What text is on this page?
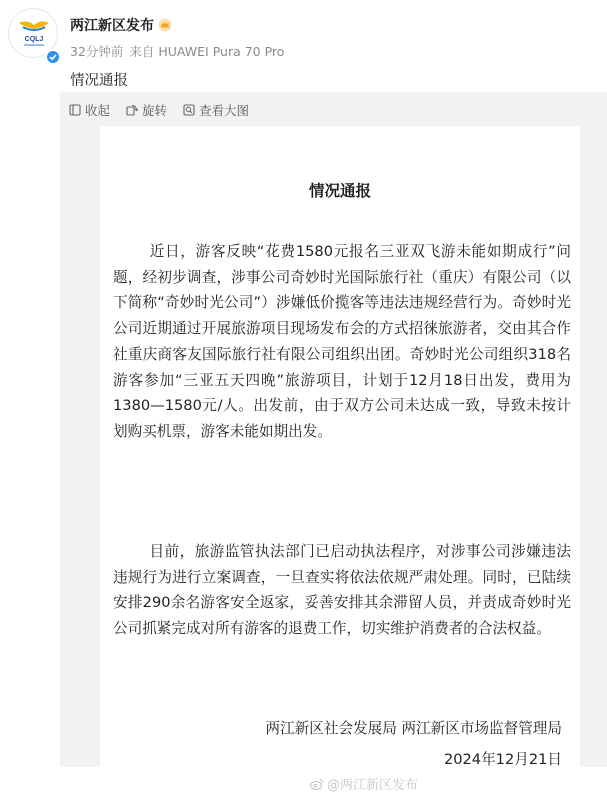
CQLJ
两江新区发布
32分钟前 来自 HUAWEI Pura 70 Pro
情况通报
收起	旋转	查看大图
情况通报
近日，游客反映“花费1580元报名三亚双飞游未能如期成行”问题，经初步调查，涉事公司奇妙时光国际旅行社（重庆）有限公司（以下简称“奇妙时光公司”）涉嫌低价揽客等违法违规经营行为。奇妙时光公司近期通过开展旅游项目现场发布会的方式招徕旅游者，交由其合作社重庆商客友国际旅行社有限公司组织出团。奇妙时光公司组织318名游客参加“三亚五天四晚”旅游项目，计划于12月18日出发，费用为1380—1580元/人。出发前，由于双方公司未达成一致，导致未按计划购买机票，游客未能如期出发。
目前，旅游监管执法部门已启动执法程序，对涉事公司涉嫌违法违规行为进行立案调查，一旦查实将依法依规严肃处理。同时，已陆续安排290余名游客安全返家，妥善安排其余滞留人员，并责成奇妙时光公司抓紧完成对所有游客的退费工作，切实维护消费者的合法权益。
两江新区社会发展局 两江新区市场监督管理局
2024年12月21日
@两江新区发布
